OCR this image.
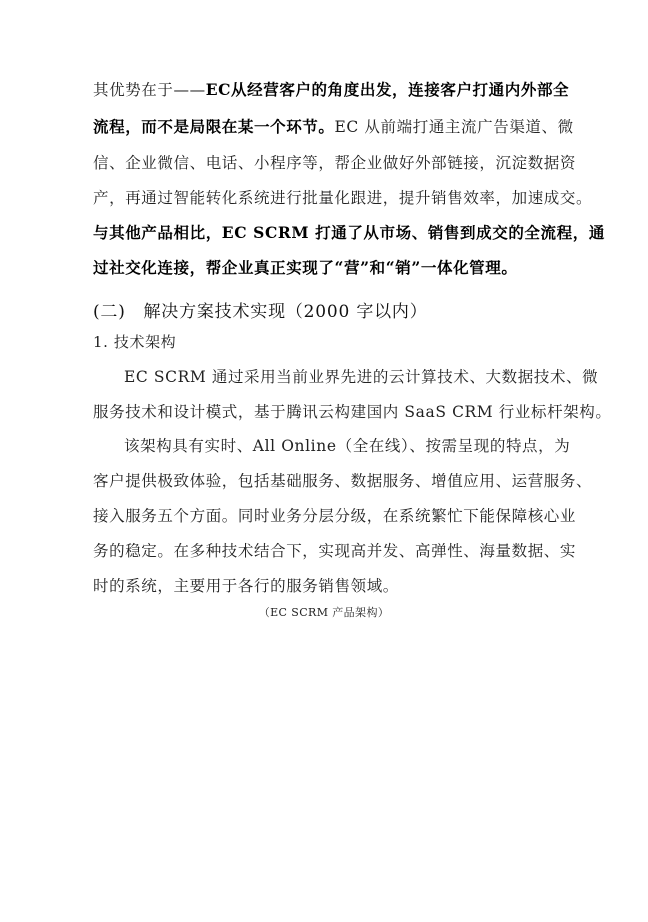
其优势在于——EC从经营客户的角度出发，连接客户打通内外部全
流程，而不是局限在某一个环节。EC 从前端打通主流广告渠道、微
信、企业微信、电话、小程序等，帮企业做好外部链接，沉淀数据资
产，再通过智能转化系统进行批量化跟进，提升销售效率，加速成交。
与其他产品相比，EC SCRM 打通了从市场、销售到成交的全流程，通
过社交化连接，帮企业真正实现了“营”和“销”一体化管理。
(二)　解决方案技术实现（2000 字以内）
1. 技术架构
EC SCRM 通过采用当前业界先进的云计算技术、大数据技术、微
服务技术和设计模式，基于腾讯云构建国内 SaaS CRM 行业标杆架构。
该架构具有实时、All Online（全在线）、按需呈现的特点，为
客户提供极致体验，包括基础服务、数据服务、增值应用、运营服务、
接入服务五个方面。同时业务分层分级，在系统繁忙下能保障核心业
务的稳定。在多种技术结合下，实现高并发、高弹性、海量数据、实
时的系统，主要用于各行的服务销售领域。
（EC SCRM 产品架构）
